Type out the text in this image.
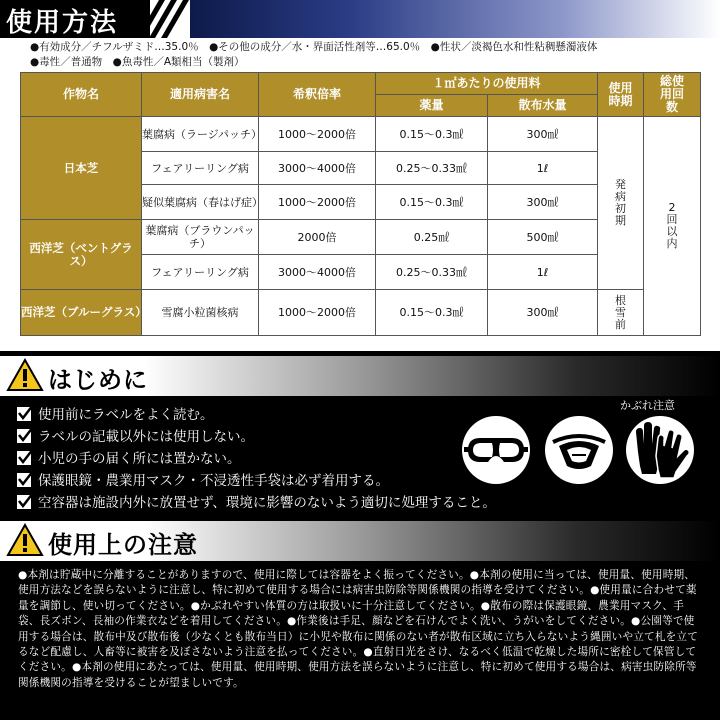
使用方法
●有効成分／チフルザミド…35.0％　●その他の成分／水・界面活性剤等…65.0％　●性状／淡褐色水和性粘稠懸濁液体
●毒性／普通物　●魚毒性／A類相当（製剤）
作物名	適用病害名	希釈倍率	１㎡あたりの使用料		使用時期	総使用回数
			薬量	散布水量		
日本芝	葉腐病（ラージパッチ）	1000～2000倍	0.15～0.3㎖	300㎖	発病初期	2回以内
	フェアリーリング病	3000～4000倍	0.25～0.33㎖	1ℓ		
	疑似葉腐病（春はげ症）	1000～2000倍	0.15～0.3㎖	300㎖		
西洋芝（ベントグラス）	葉腐病（ブラウンパッチ）	2000倍	0.25㎖	500㎖		
	フェアリーリング病	3000～4000倍	0.25～0.33㎖	1ℓ		
西洋芝（ブルーグラス）	雪腐小粒菌核病	1000～2000倍	0.15～0.3㎖	300㎖	根雪前	
はじめに
使用前にラベルをよく読む。
ラベルの記載以外には使用しない。
小児の手の届く所には置かない。
保護眼鏡・農業用マスク・不浸透性手袋は必ず着用する。
空容器は施設内外に放置せず、環境に影響のないよう適切に処理すること。
かぶれ注意
使用上の注意
●本剤は貯蔵中に分離することがありますので、使用に際しては容器をよく振ってください。●本剤の使用に当っては、使用量、使用時期、使用方法などを誤らないように注意し、特に初めて使用する場合には病害虫防除等関係機関の指導を受けてください。●使用量に合わせて薬量を調節し、使い切ってください。●かぶれやすい体質の方は取扱いに十分注意してください。●散布の際は保護眼鏡、農業用マスク、手袋、長ズボン、長袖の作業衣などを着用してください。●作業後は手足、顔などを石けんでよく洗い、うがいをしてください。●公園等で使用する場合は、散布中及び散布後（少なくとも散布当日）に小児や散布に関係のない者が散布区域に立ち入らないよう縄囲いや立て札を立てるなど配慮し、人畜等に被害を及ぼさないよう注意を払ってください。●直射日光をさけ、なるべく低温で乾燥した場所に密栓して保管してください。●本剤の使用にあたっては、使用量、使用時期、使用方法を誤らないように注意し、特に初めて使用する場合は、病害虫防除所等関係機関の指導を受けることが望ましいです。
